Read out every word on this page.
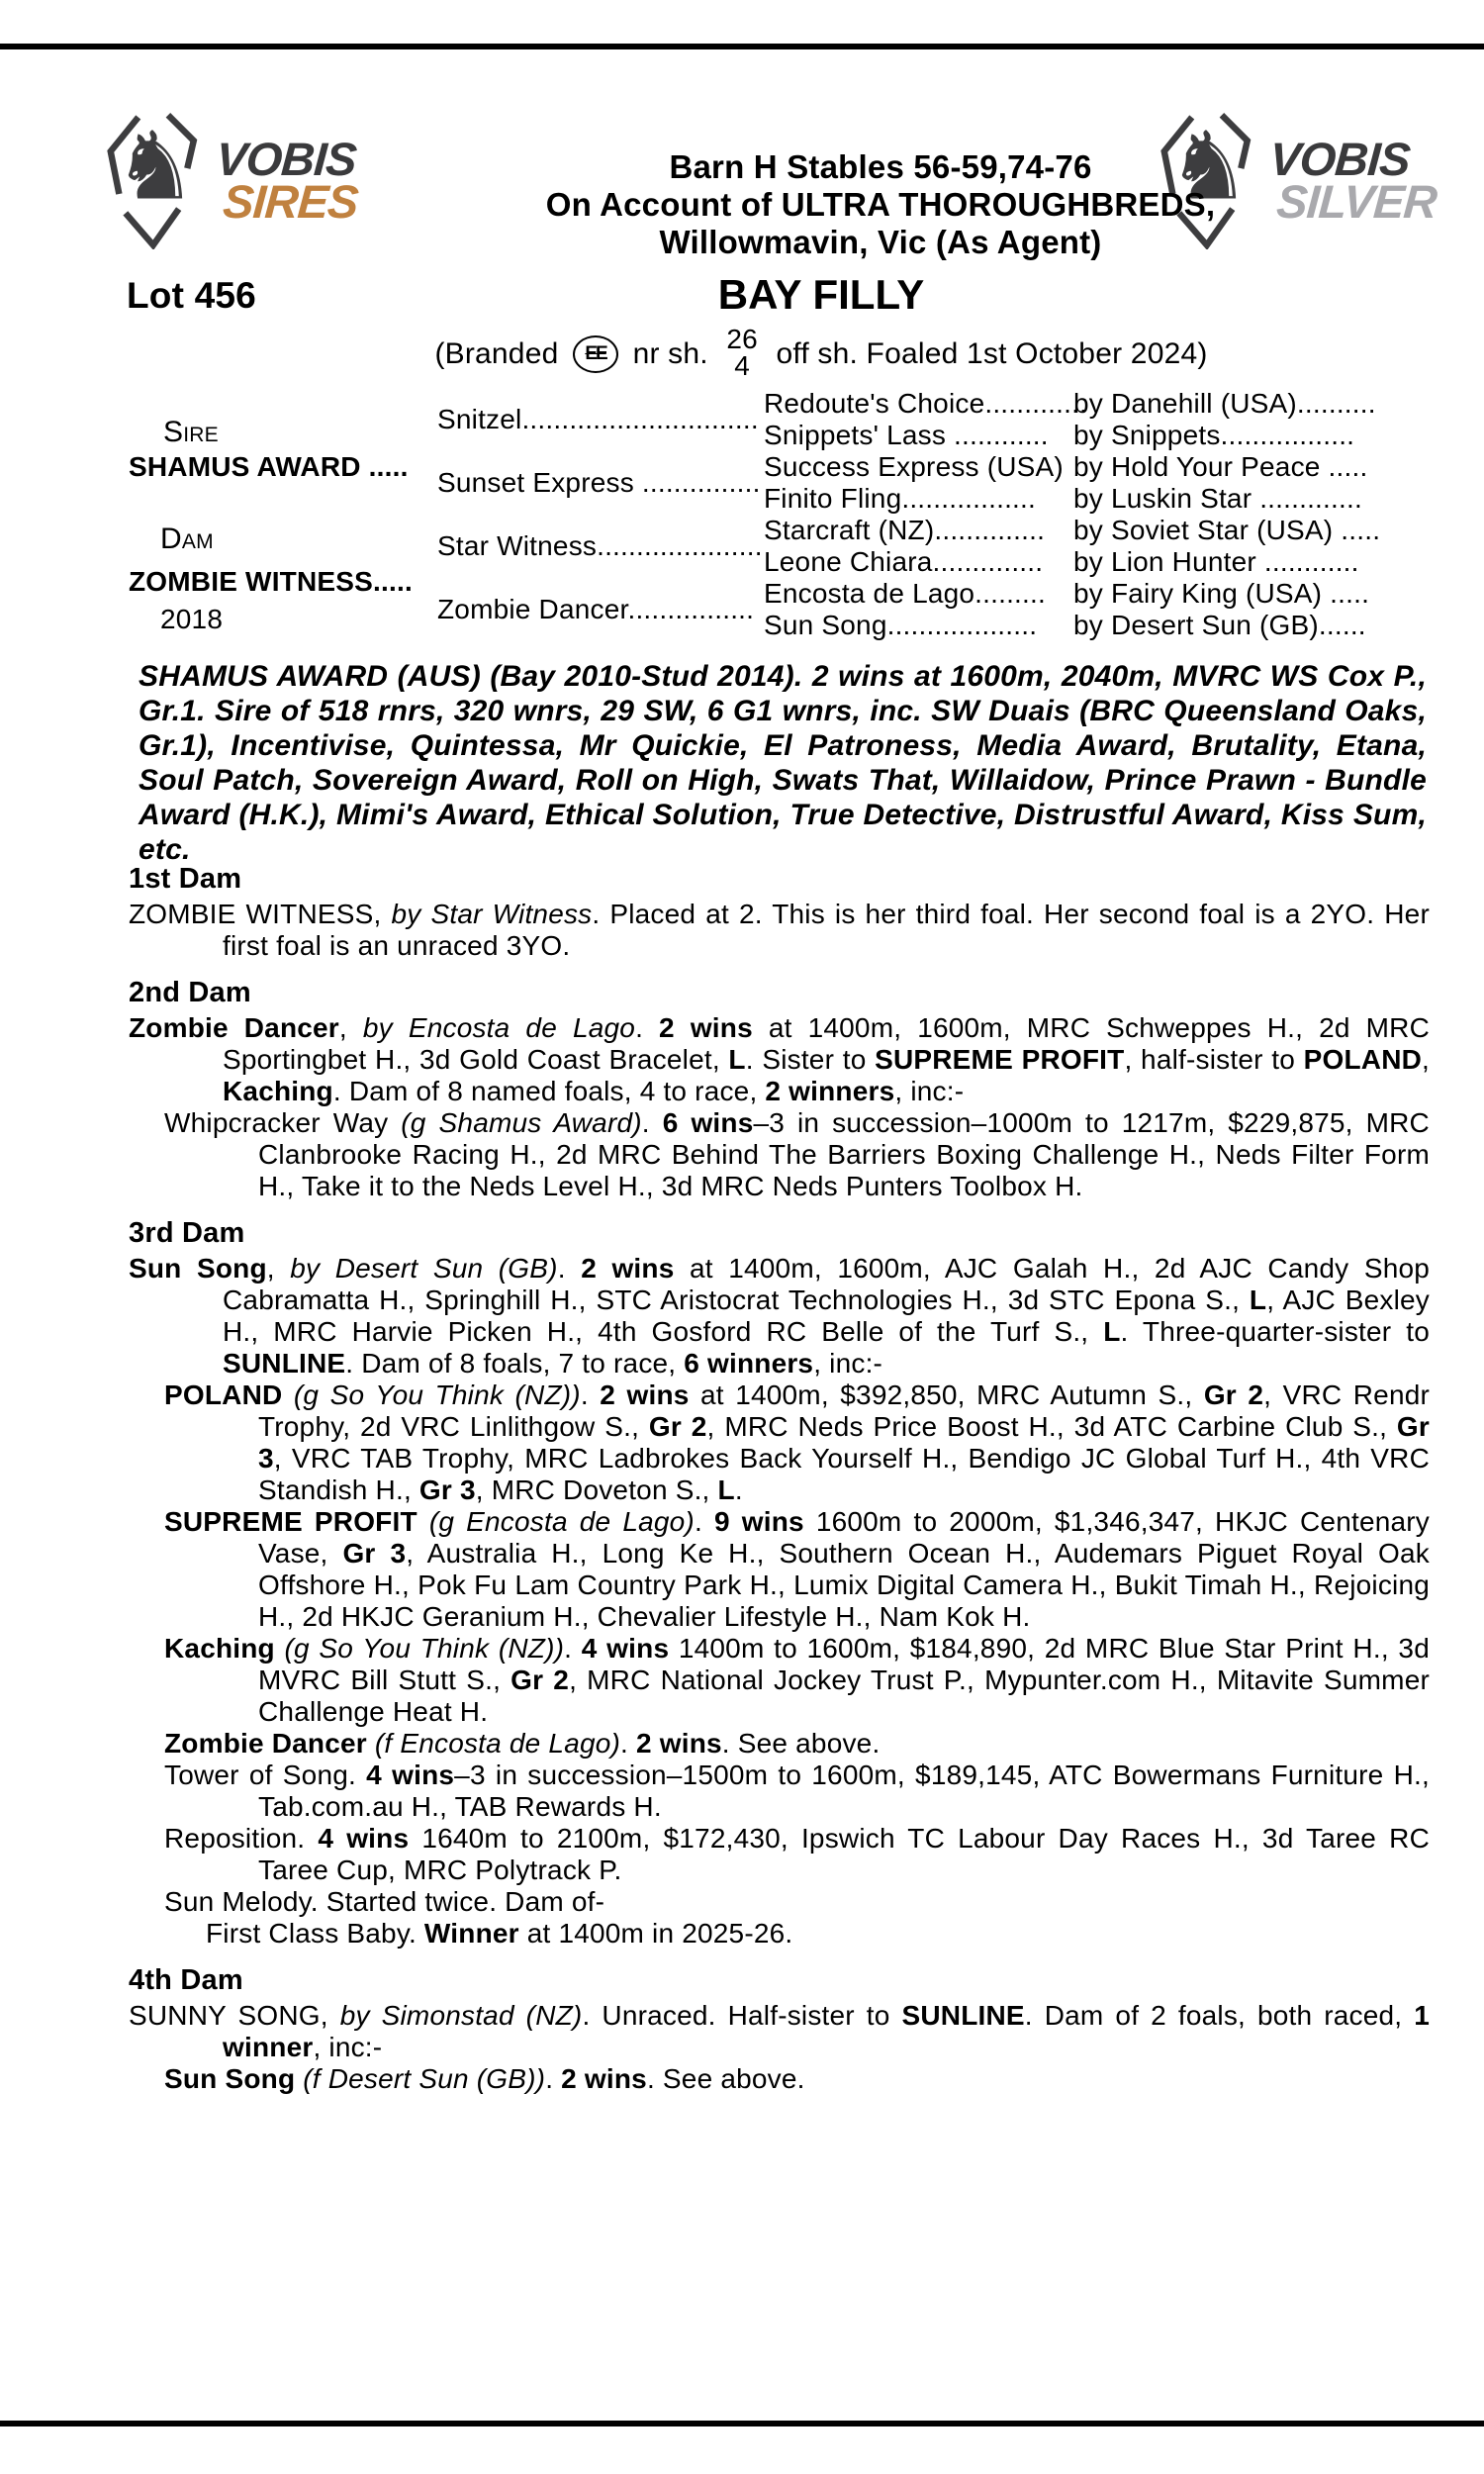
♞ VOBIS
SIRES	♞ VOBIS
SILVER
Barn H Stables 56-59,74-76
On Account of ULTRA THOROUGHBREDS,
Willowmavin, Vic (As Agent)
Lot 456	BAY FILLY
(Branded EE nr sh. 26
4 off sh. Foaled 1st October 2024)
Sire
SHAMUS AWARD .....
Dam
ZOMBIE WITNESS.....
2018
Snitzel..............................
Sunset Express ...............
Star Witness.....................
Zombie Dancer................
Redoute's Choice.............
by Danehill (USA)..........
Snippets' Lass ............ by Snippets.................
Success Express (USA) by Hold Your Peace .....
Finito Fling................. by Luskin Star .............
Starcraft (NZ).............. by Soviet Star (USA) .....
Leone Chiara.............. by Lion Hunter ............
Encosta de Lago......... by Fairy King (USA) .....
Sun Song................... by Desert Sun (GB)......
SHAMUS AWARD (AUS) (Bay 2010-Stud 2014). 2 wins at 1600m, 2040m, MVRC WS Cox P., Gr.1. Sire of 518 rnrs, 320 wnrs, 29 SW, 6 G1 wnrs, inc. SW Duais (BRC Queensland Oaks, Gr.1), Incentivise, Quintessa, Mr Quickie, El Patroness, Media Award, Brutality, Etana, Soul Patch, Sovereign Award, Roll on High, Swats That, Willaidow, Prince Prawn - Bundle Award (H.K.), Mimi's Award, Ethical Solution, True Detective, Distrustful Award, Kiss Sum, etc.
1st Dam

ZOMBIE WITNESS, by Star Witness. Placed at 2. This is her third foal. Her second foal is a 2YO. Her first foal is an unraced 3YO.

2nd Dam

Zombie Dancer, by Encosta de Lago. 2 wins at 1400m, 1600m, MRC Schweppes H., 2d MRC Sportingbet H., 3d Gold Coast Bracelet, L. Sister to SUPREME PROFIT, half-sister to POLAND, Kaching. Dam of 8 named foals, 4 to race, 2 winners, inc:-

Whipcracker Way (g Shamus Award). 6 wins–3 in succession–1000m to 1217m, $229,875, MRC Clanbrooke Racing H., 2d MRC Behind The Barriers Boxing Challenge H., Neds Filter Form H., Take it to the Neds Level H., 3d MRC Neds Punters Toolbox H.

3rd Dam

Sun Song, by Desert Sun (GB). 2 wins at 1400m, 1600m, AJC Galah H., 2d AJC Candy Shop Cabramatta H., Springhill H., STC Aristocrat Technologies H., 3d STC Epona S., L, AJC Bexley H., MRC Harvie Picken H., 4th Gosford RC Belle of the Turf S., L. Three-quarter-sister to SUNLINE. Dam of 8 foals, 7 to race, 6 winners, inc:-

POLAND (g So You Think (NZ)). 2 wins at 1400m, $392,850, MRC Autumn S., Gr 2, VRC Rendr Trophy, 2d VRC Linlithgow S., Gr 2, MRC Neds Price Boost H., 3d ATC Carbine Club S., Gr 3, VRC TAB Trophy, MRC Ladbrokes Back Yourself H., Bendigo JC Global Turf H., 4th VRC Standish H., Gr 3, MRC Doveton S., L.

SUPREME PROFIT (g Encosta de Lago). 9 wins 1600m to 2000m, $1,346,347, HKJC Centenary Vase, Gr 3, Australia H., Long Ke H., Southern Ocean H., Audemars Piguet Royal Oak Offshore H., Pok Fu Lam Country Park H., Lumix Digital Camera H., Bukit Timah H., Rejoicing H., 2d HKJC Geranium H., Chevalier Lifestyle H., Nam Kok H.

Kaching (g So You Think (NZ)). 4 wins 1400m to 1600m, $184,890, 2d MRC Blue Star Print H., 3d MVRC Bill Stutt S., Gr 2, MRC National Jockey Trust P., Mypunter.com H., Mitavite Summer Challenge Heat H.

Zombie Dancer (f Encosta de Lago). 2 wins. See above.

Tower of Song. 4 wins–3 in succession–1500m to 1600m, $189,145, ATC Bowermans Furniture H., Tab.com.au H., TAB Rewards H.

Reposition. 4 wins 1640m to 2100m, $172,430, Ipswich TC Labour Day Races H., 3d Taree RC Taree Cup, MRC Polytrack P.

Sun Melody. Started twice. Dam of-

First Class Baby. Winner at 1400m in 2025-26.

4th Dam

SUNNY SONG, by Simonstad (NZ). Unraced. Half-sister to SUNLINE. Dam of 2 foals, both raced, 1 winner, inc:-

Sun Song (f Desert Sun (GB)). 2 wins. See above.
